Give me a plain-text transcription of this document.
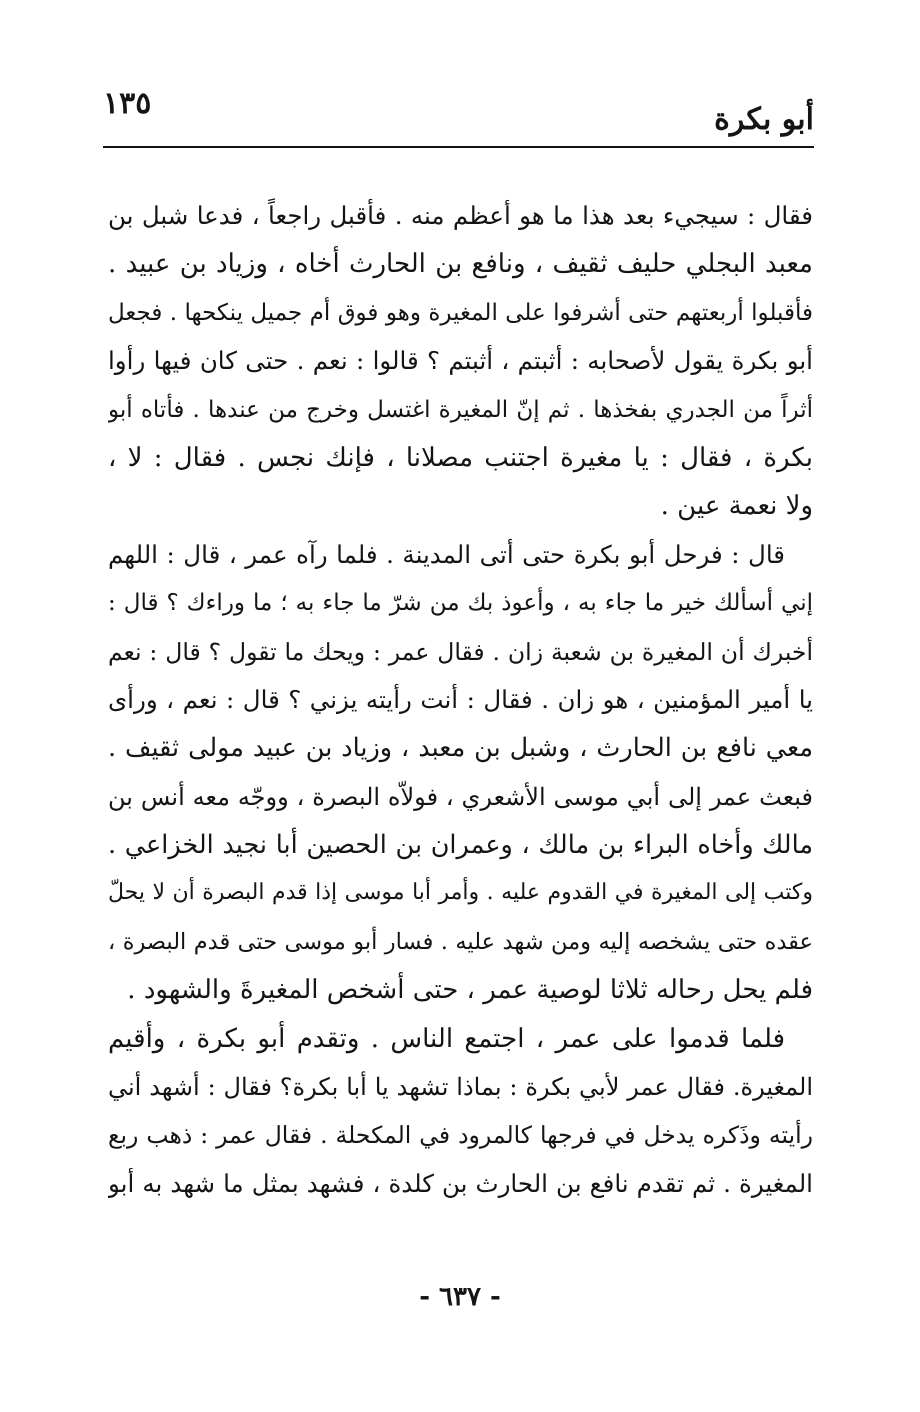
١٣٥	أبو بكرة
فقال : سيجيء بعد هذا ما هو أعظم منه . فأقبل راجعاً ، فدعا شبل بن
معبد البجلي حليف ثقيف ، ونافع بن الحارث أخاه ، وزياد بن عبيد .
فأقبلوا أربعتهم حتى أشرفوا على المغيرة وهو فوق أم جميل ينكحها . فجعل
أبو بكرة يقول لأصحابه : أثبتم ، أثبتم ؟ قالوا : نعم . حتى كان فيها رأوا
أثراً من الجدري بفخذها . ثم إنّ المغيرة اغتسل وخرج من عندها . فأتاه أبو
بكرة ، فقال : يا مغيرة اجتنب مصلانا ، فإنك نجس . فقال : لا ،
ولا نعمة عين .
قال : فرحل أبو بكرة حتى أتى المدينة . فلما رآه عمر ، قال : اللهم
إني أسألك خير ما جاء به ، وأعوذ بك من شرّ ما جاء به ؛ ما وراءك ؟ قال :
أخبرك أن المغيرة بن شعبة زان . فقال عمر : ويحك ما تقول ؟ قال : نعم
يا أمير المؤمنين ، هو زان . فقال : أنت رأيته يزني ؟ قال : نعم ، ورأى
معي نافع بن الحارث ، وشبل بن معبد ، وزياد بن عبيد مولى ثقيف .
فبعث عمر إلى أبي موسى الأشعري ، فولاّه البصرة ، ووجّه معه أنس بن
مالك وأخاه البراء بن مالك ، وعمران بن الحصين أبا نجيد الخزاعي .
وكتب إلى المغيرة في القدوم عليه . وأمر أبا موسى إذا قدم البصرة أن لا يحلّ
عقده حتى يشخصه إليه ومن شهد عليه . فسار أبو موسى حتى قدم البصرة ،
فلم يحل رحاله ثلاثا لوصية عمر ، حتى أشخص المغيرةَ والشهود .
فلما قدموا على عمر ، اجتمع الناس . وتقدم أبو بكرة ، وأقيم
المغيرة. فقال عمر لأبي بكرة : بماذا تشهد يا أبا بكرة؟ فقال : أشهد أني
رأيته وذَكره يدخل في فرجها كالمرود في المكحلة . فقال عمر : ذهب ربع
المغيرة . ثم تقدم نافع بن الحارث بن كلدة ، فشهد بمثل ما شهد به أبو
- ٦٣٧ -
